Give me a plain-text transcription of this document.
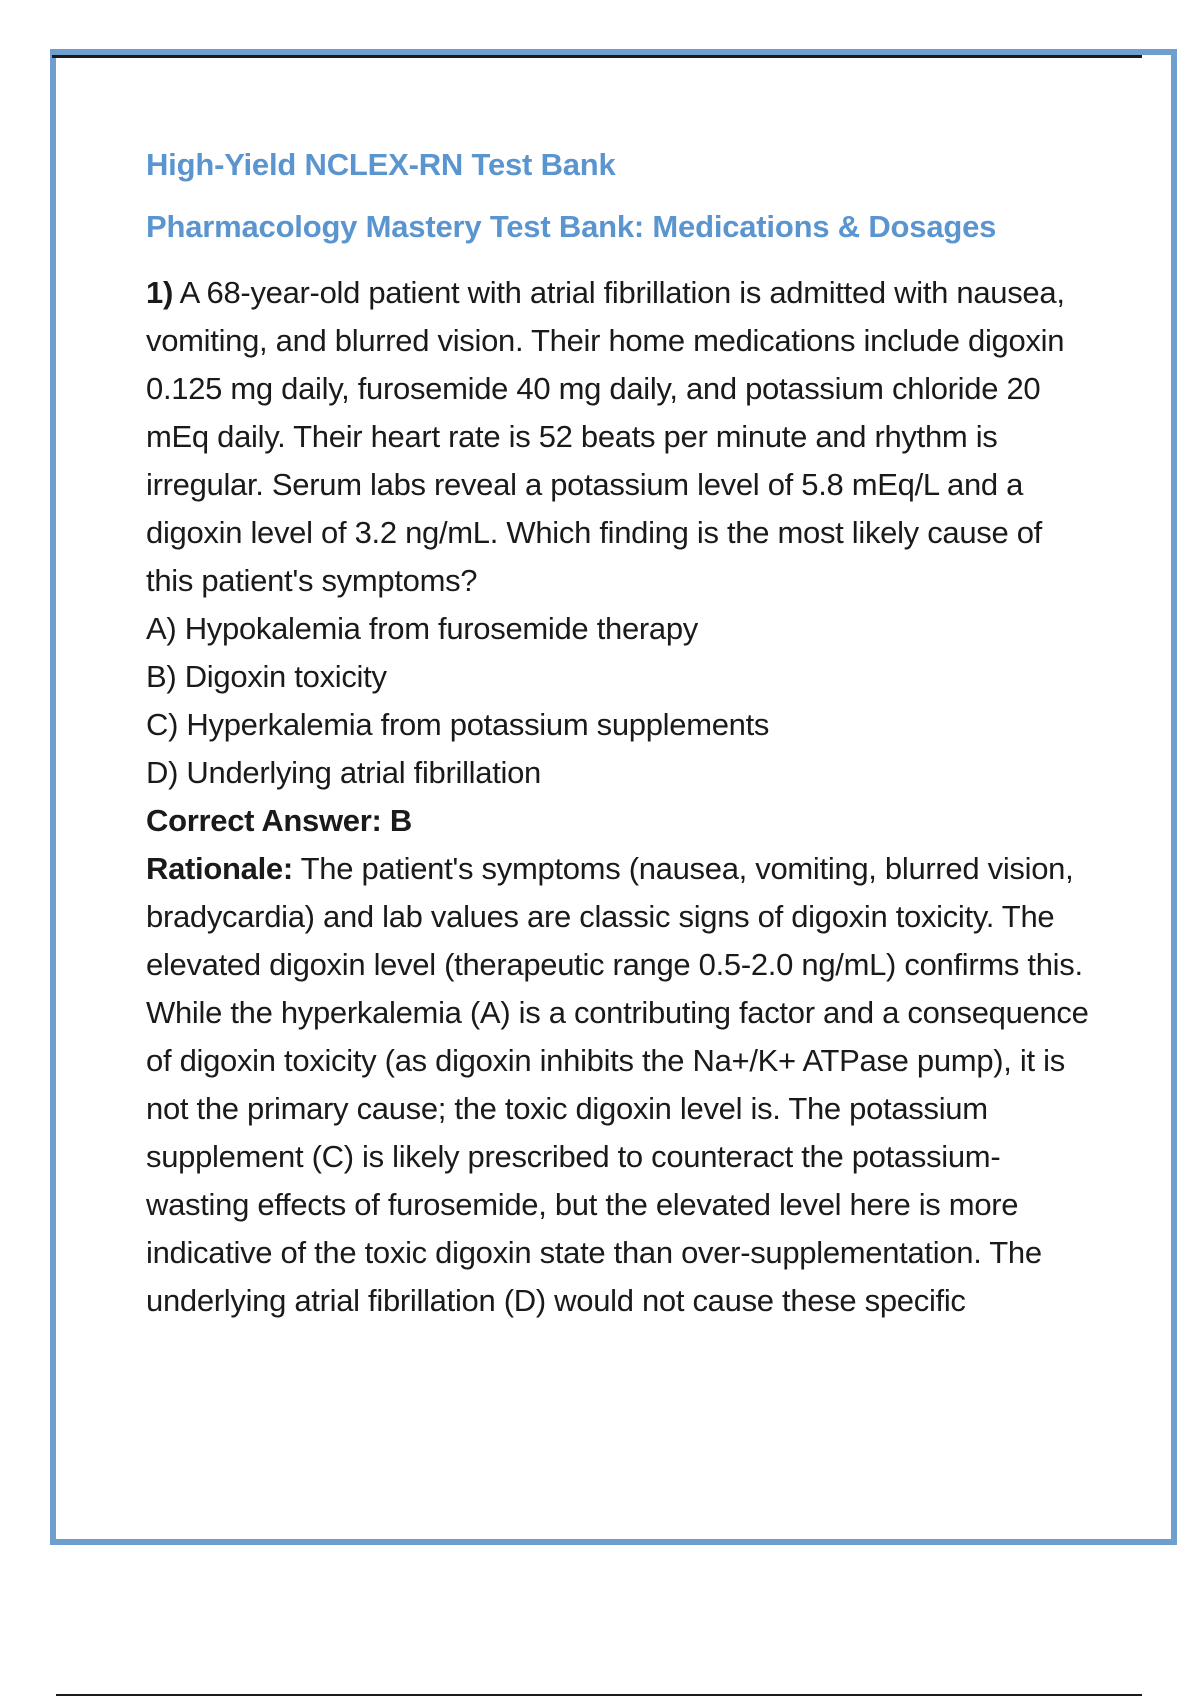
High-Yield NCLEX-RN Test Bank
Pharmacology Mastery Test Bank: Medications & Dosages

1) A 68-year-old patient with atrial fibrillation is admitted with nausea, vomiting, and blurred vision. Their home medications include digoxin 0.125 mg daily, furosemide 40 mg daily, and potassium chloride 20 mEq daily. Their heart rate is 52 beats per minute and rhythm is irregular. Serum labs reveal a potassium level of 5.8 mEq/L and a digoxin level of 3.2 ng/mL. Which finding is the most likely cause of this patient's symptoms?

A) Hypokalemia from furosemide therapy
B) Digoxin toxicity
C) Hyperkalemia from potassium supplements
D) Underlying atrial fibrillation

Correct Answer: B

Rationale: The patient's symptoms (nausea, vomiting, blurred vision, bradycardia) and lab values are classic signs of digoxin toxicity. The elevated digoxin level (therapeutic range 0.5-2.0 ng/mL) confirms this. While the hyperkalemia (A) is a contributing factor and a consequence of digoxin toxicity (as digoxin inhibits the Na+/K+ ATPase pump), it is not the primary cause; the toxic digoxin level is. The potassium supplement (C) is likely prescribed to counteract the potassium-wasting effects of furosemide, but the elevated level here is more indicative of the toxic digoxin state than over-supplementation. The underlying atrial fibrillation (D) would not cause these specific
